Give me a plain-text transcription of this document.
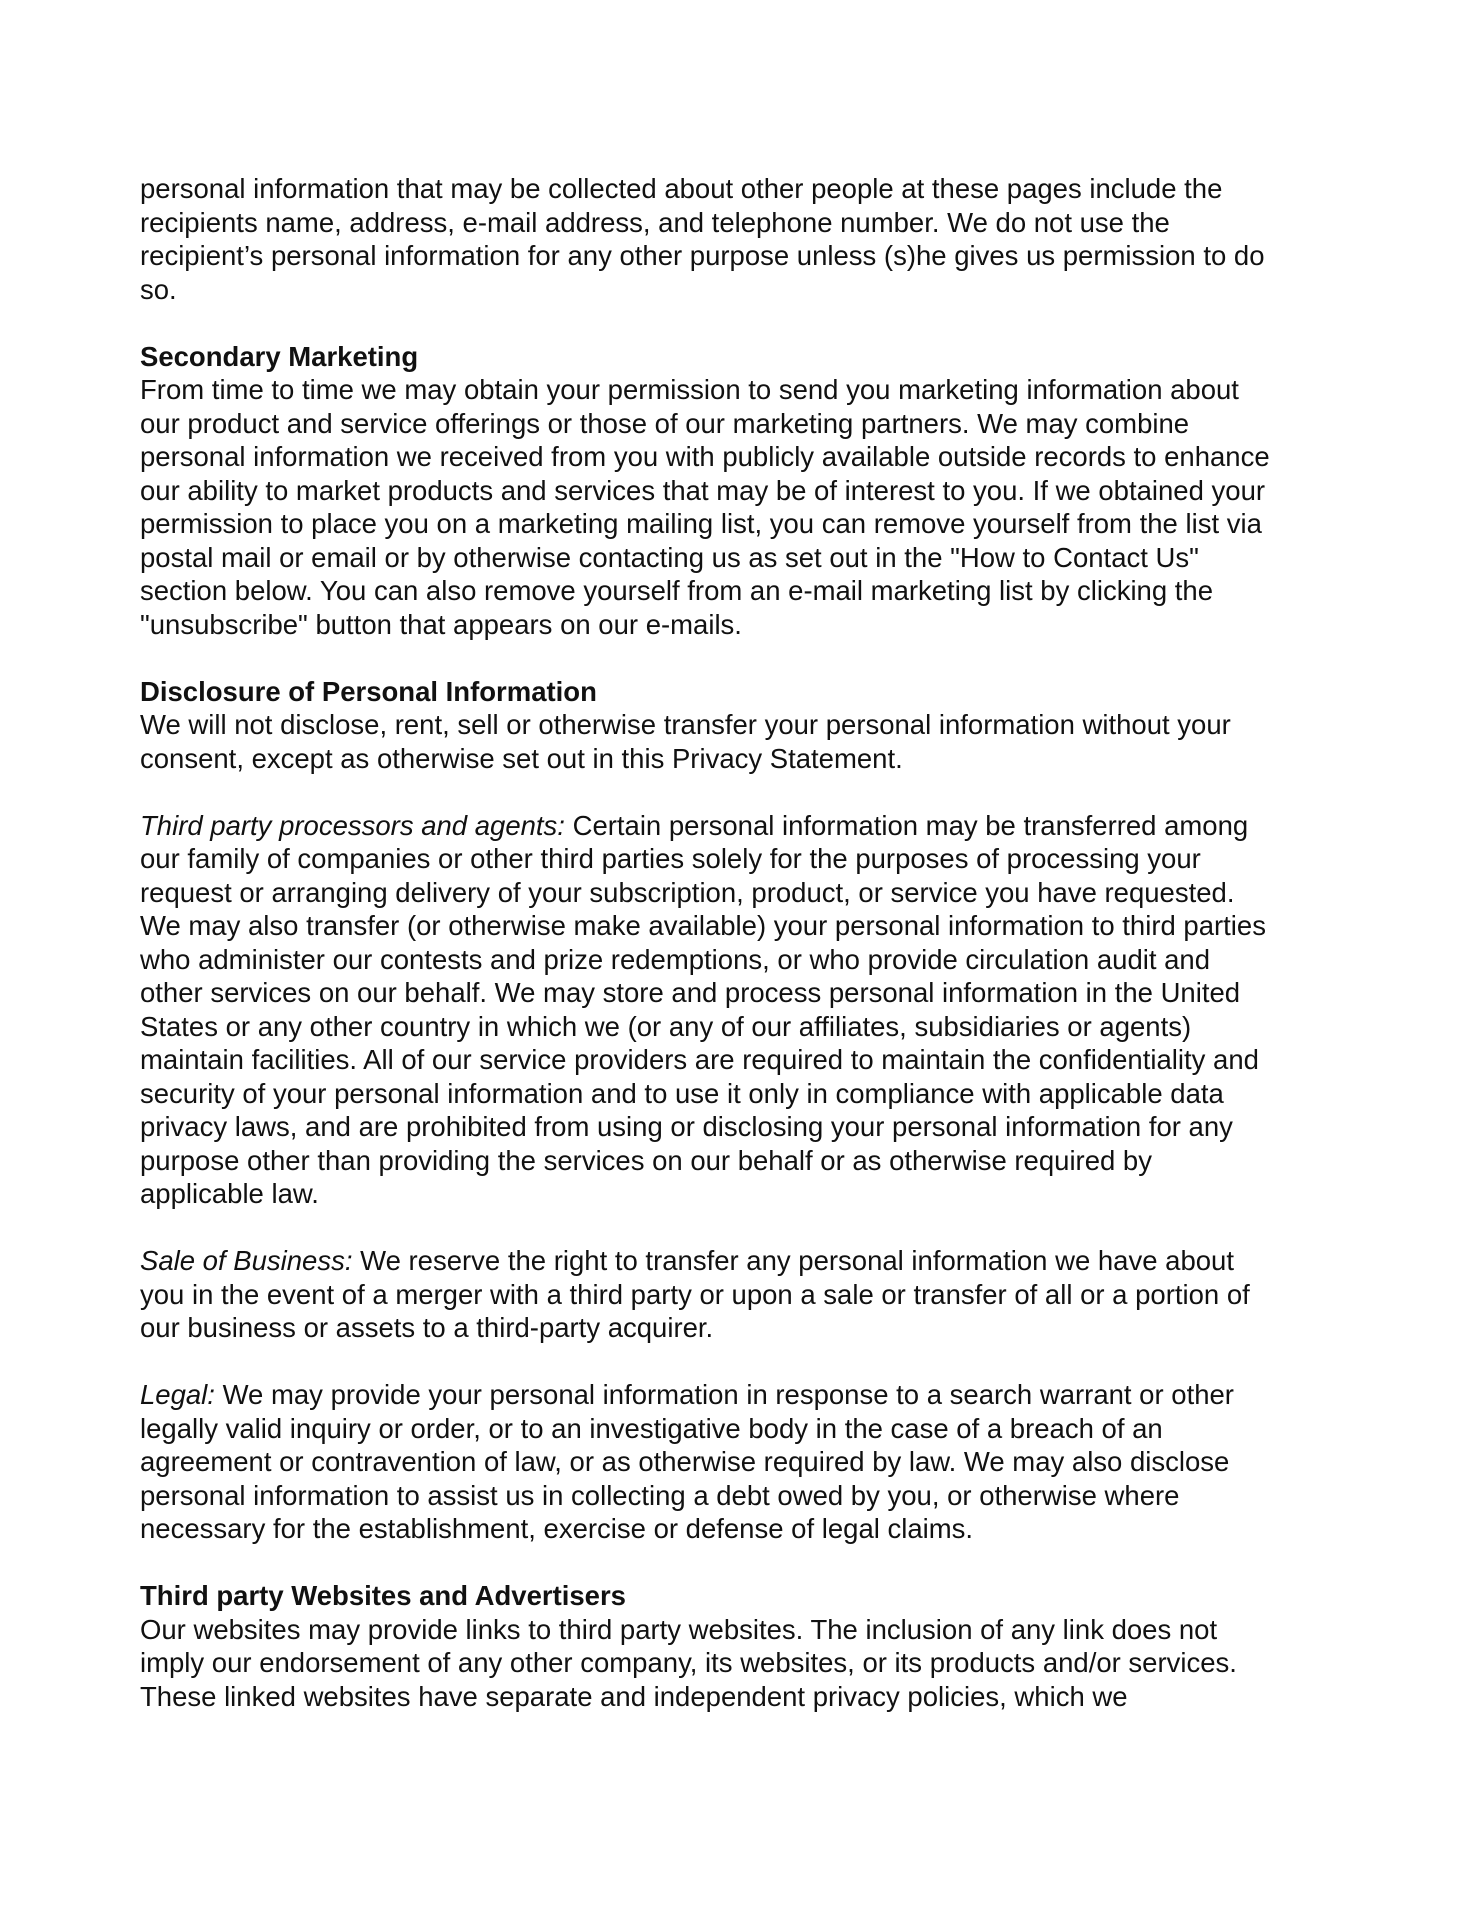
personal information that may be collected about other people at these pages include the
recipients name, address, e-mail address, and telephone number. We do not use the
recipient’s personal information for any other purpose unless (s)he gives us permission to do
so.
Secondary Marketing
From time to time we may obtain your permission to send you marketing information about
our product and service offerings or those of our marketing partners. We may combine
personal information we received from you with publicly available outside records to enhance
our ability to market products and services that may be of interest to you. If we obtained your
permission to place you on a marketing mailing list, you can remove yourself from the list via
postal mail or email or by otherwise contacting us as set out in the "How to Contact Us"
section below. You can also remove yourself from an e-mail marketing list by clicking the
"unsubscribe" button that appears on our e-mails.
Disclosure of Personal Information
We will not disclose, rent, sell or otherwise transfer your personal information without your
consent, except as otherwise set out in this Privacy Statement.
Third party processors and agents: Certain personal information may be transferred among
our family of companies or other third parties solely for the purposes of processing your
request or arranging delivery of your subscription, product, or service you have requested.
We may also transfer (or otherwise make available) your personal information to third parties
who administer our contests and prize redemptions, or who provide circulation audit and
other services on our behalf. We may store and process personal information in the United
States or any other country in which we (or any of our affiliates, subsidiaries or agents)
maintain facilities. All of our service providers are required to maintain the confidentiality and
security of your personal information and to use it only in compliance with applicable data
privacy laws, and are prohibited from using or disclosing your personal information for any
purpose other than providing the services on our behalf or as otherwise required by
applicable law.
Sale of Business: We reserve the right to transfer any personal information we have about
you in the event of a merger with a third party or upon a sale or transfer of all or a portion of
our business or assets to a third-party acquirer.
Legal: We may provide your personal information in response to a search warrant or other
legally valid inquiry or order, or to an investigative body in the case of a breach of an
agreement or contravention of law, or as otherwise required by law. We may also disclose
personal information to assist us in collecting a debt owed by you, or otherwise where
necessary for the establishment, exercise or defense of legal claims.
Third party Websites and Advertisers
Our websites may provide links to third party websites. The inclusion of any link does not
imply our endorsement of any other company, its websites, or its products and/or services.
These linked websites have separate and independent privacy policies, which we
